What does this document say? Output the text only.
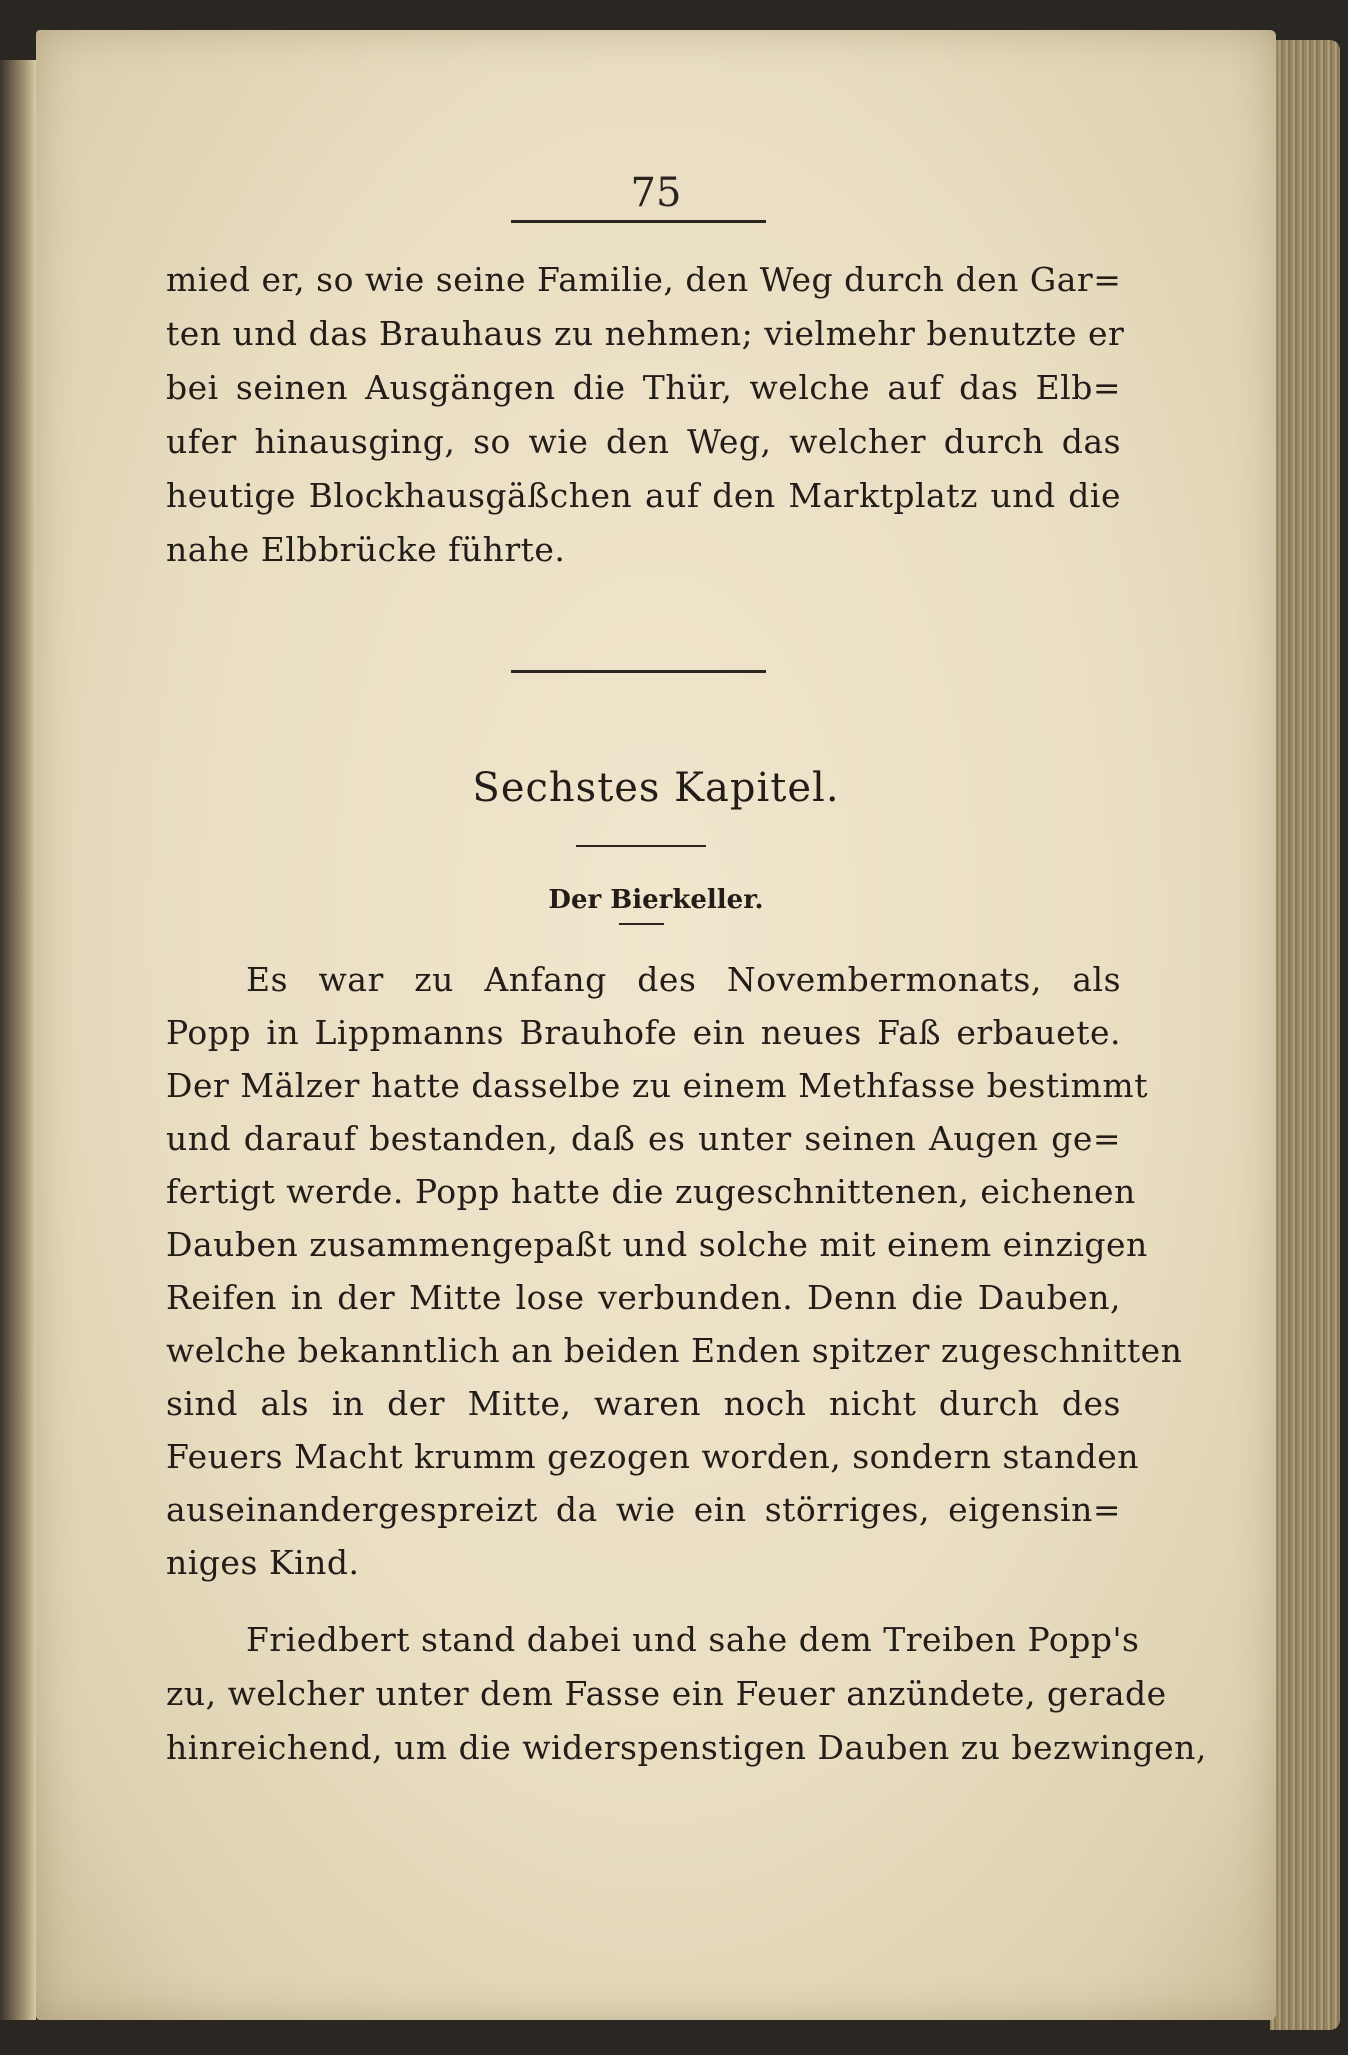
75
mied er, so wie seine Familie, den Weg durch den Gar=
ten und das Brauhaus zu nehmen; vielmehr benutzte er
bei seinen Ausgängen die Thür, welche auf das Elb=
ufer hinausging, so wie den Weg, welcher durch das
heutige Blockhausgäßchen auf den Marktplatz und die
nahe Elbbrücke führte.
Sechstes Kapitel.
Der Bierkeller.
Es war zu Anfang des Novembermonats, als
Popp in Lippmanns Brauhofe ein neues Faß erbauete.
Der Mälzer hatte dasselbe zu einem Methfasse bestimmt
und darauf bestanden, daß es unter seinen Augen ge=
fertigt werde. Popp hatte die zugeschnittenen, eichenen
Dauben zusammengepaßt und solche mit einem einzigen
Reifen in der Mitte lose verbunden. Denn die Dauben,
welche bekanntlich an beiden Enden spitzer zugeschnitten
sind als in der Mitte, waren noch nicht durch des
Feuers Macht krumm gezogen worden, sondern standen
auseinandergespreizt da wie ein störriges, eigensin=
niges Kind.
Friedbert stand dabei und sahe dem Treiben Popp's
zu, welcher unter dem Fasse ein Feuer anzündete, gerade
hinreichend, um die widerspenstigen Dauben zu bezwingen,
